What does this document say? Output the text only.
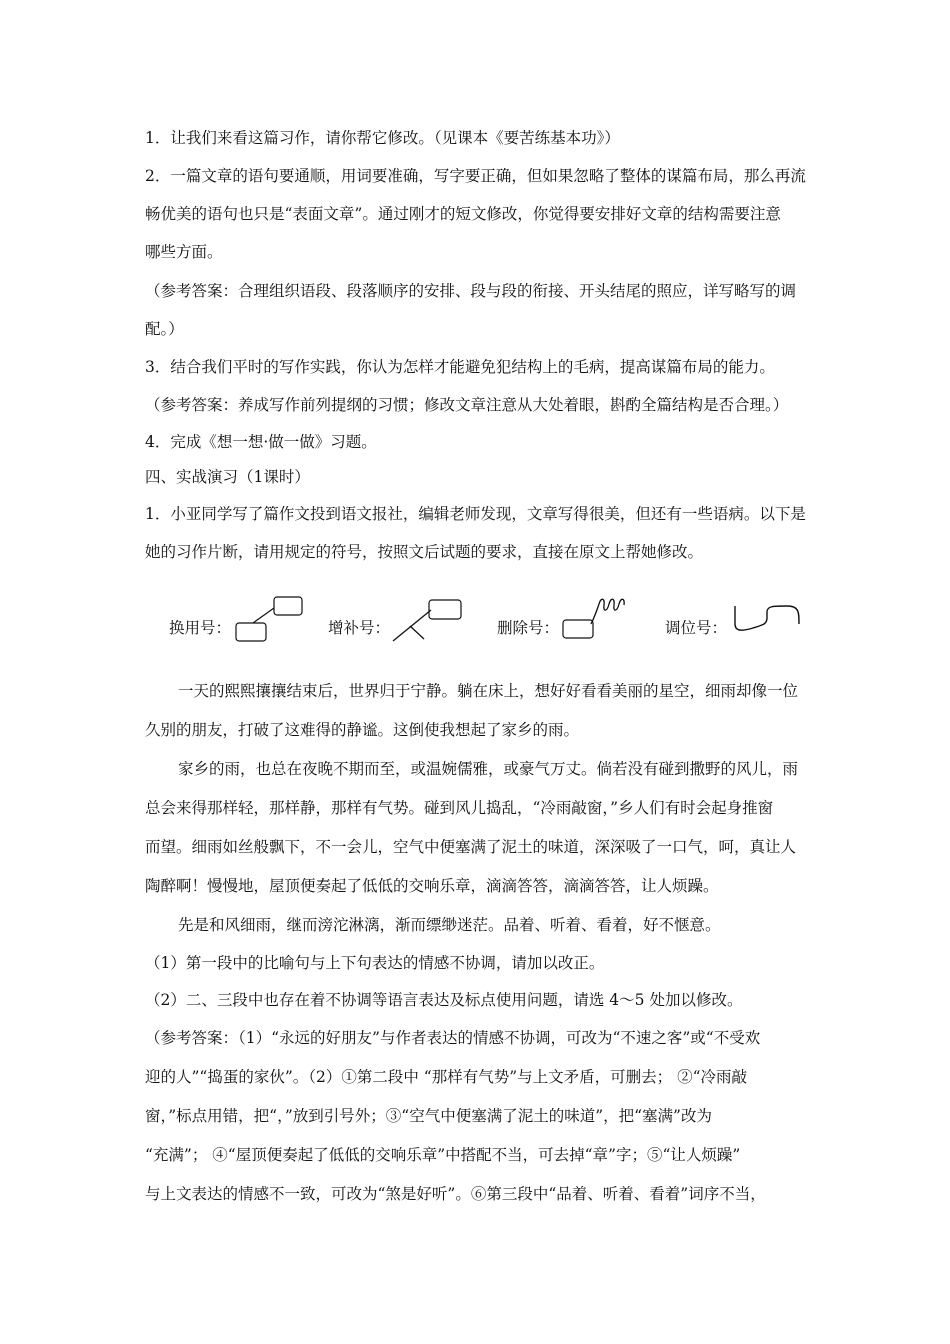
1．让我们来看这篇习作，请你帮它修改。（见课本《要苦练基本功》）
2．一篇文章的语句要通顺，用词要准确，写字要正确，但如果忽略了整体的谋篇布局，那么再流
畅优美的语句也只是“表面文章”。通过刚才的短文修改，你觉得要安排好文章的结构需要注意
哪些方面。
（参考答案：合理组织语段、段落顺序的安排、段与段的衔接、开头结尾的照应，详写略写的调
配。）
3．结合我们平时的写作实践，你认为怎样才能避免犯结构上的毛病，提高谋篇布局的能力。
（参考答案：养成写作前列提纲的习惯；修改文章注意从大处着眼，斟酌全篇结构是否合理。）
4．完成《想一想·做一做》习题。
四、实战演习（1课时）
1．小亚同学写了篇作文投到语文报社，编辑老师发现，文章写得很美，但还有一些语病。以下是
她的习作片断，请用规定的符号，按照文后试题的要求，直接在原文上帮她修改。
换用号：	增补号：	删除号：	调位号：
一天的熙熙攘攘结束后，世界归于宁静。躺在床上，想好好看看美丽的星空，细雨却像一位
久别的朋友，打破了这难得的静谧。这倒使我想起了家乡的雨。
家乡的雨，也总在夜晚不期而至，或温婉儒雅，或豪气万丈。倘若没有碰到撒野的风儿，雨
总会来得那样轻，那样静，那样有气势。碰到风儿捣乱，“冷雨敲窗，”乡人们有时会起身推窗
而望。细雨如丝般飘下，不一会儿，空气中便塞满了泥土的味道，深深吸了一口气，呵，真让人
陶醉啊！慢慢地，屋顶便奏起了低低的交响乐章，滴滴答答，滴滴答答，让人烦躁。
先是和风细雨，继而滂沱淋漓，渐而缥缈迷茫。品着、听着、看着，好不惬意。
（1）第一段中的比喻句与上下句表达的情感不协调，请加以改正。
（2）二、三段中也存在着不协调等语言表达及标点使用问题，请选 4～5 处加以修改。
（参考答案：（1）“永远的好朋友”与作者表达的情感不协调，可改为“不速之客”或“不受欢
迎的人”“捣蛋的家伙”。（2）①第二段中 “那样有气势”与上文矛盾，可删去； ②“冷雨敲
窗，”标点用错，把“，”放到引号外；③“空气中便塞满了泥土的味道”，把“塞满”改为
“充满”； ④“屋顶便奏起了低低的交响乐章”中搭配不当，可去掉“章”字；⑤“让人烦躁”
与上文表达的情感不一致，可改为“煞是好听”。⑥第三段中“品着、听着、看着”词序不当，
